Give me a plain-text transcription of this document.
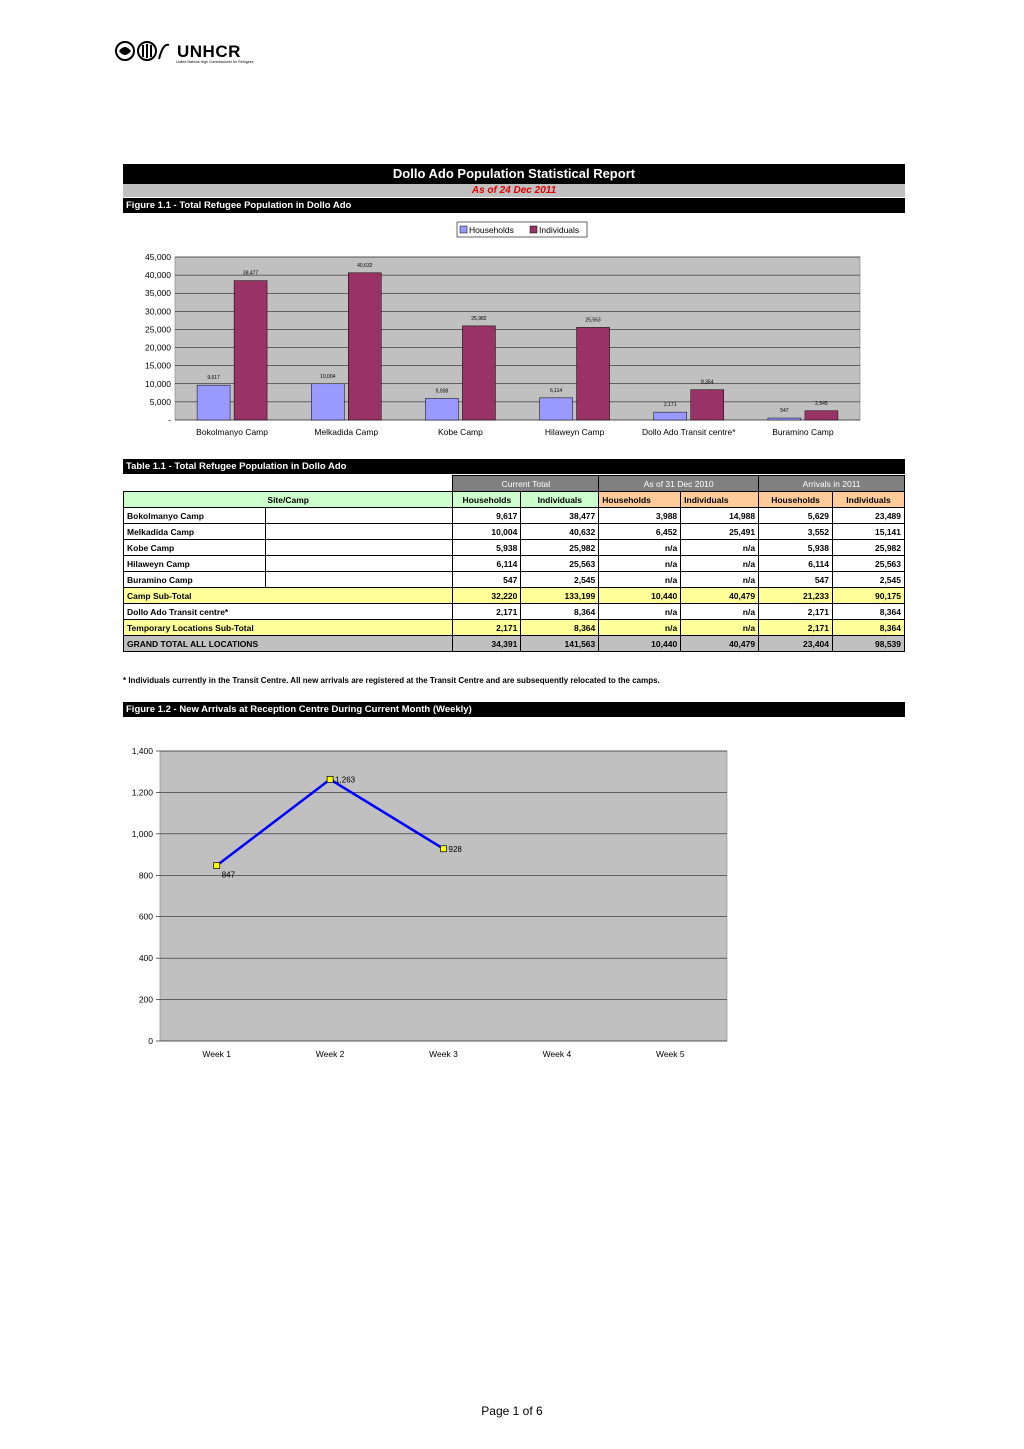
UNHCR
United Nations High Commissioner for Refugees
Dollo Ado Population Statistical Report
As of 24 Dec 2011
Figure 1.1 - Total Refugee Population in Dollo Ado
Households	Individuals
-
5,000
10,000
15,000
20,000
25,000
30,000
35,000
40,000
45,000
9,617
38,477
Bokolmanyo Camp
10,004
40,632
Melkadida Camp
5,938
25,982
Kobe Camp
6,114
25,563
Hilaweyn Camp
2,171
8,364
Dollo Ado Transit centre*
547
2,545
Buramino Camp
Table 1.1 - Total Refugee Population in Dollo Ado
		Current Total		As of 31 Dec 2010		Arrivals in 2011	
Site/Camp		Households	Individuals	Households	Individuals	Households	Individuals
Bokolmanyo Camp		9,617	38,477	3,988	14,988	5,629	23,489
Melkadida Camp		10,004	40,632	6,452	25,491	3,552	15,141
Kobe Camp		5,938	25,982	n/a	n/a	5,938	25,982
Hilaweyn Camp		6,114	25,563	n/a	n/a	6,114	25,563
Buramino Camp		547	2,545	n/a	n/a	547	2,545
Camp Sub-Total		32,220	133,199	10,440	40,479	21,233	90,175
Dollo Ado Transit centre*		2,171	8,364	n/a	n/a	2,171	8,364
Temporary Locations Sub-Total		2,171	8,364	n/a	n/a	2,171	8,364
GRAND TOTAL ALL LOCATIONS		34,391	141,563	10,440	40,479	23,404	98,539
* Individuals currently in the Transit Centre. All new arrivals are registered at the Transit Centre and are subsequently relocated to the camps.
Figure 1.2 - New Arrivals at Reception Centre During Current Month (Weekly)
0
200
400
600
800
1,000
1,200
1,400
Week 1	Week 2	Week 3	Week 4	Week 5
847
1,263
928
Page 1 of 6
